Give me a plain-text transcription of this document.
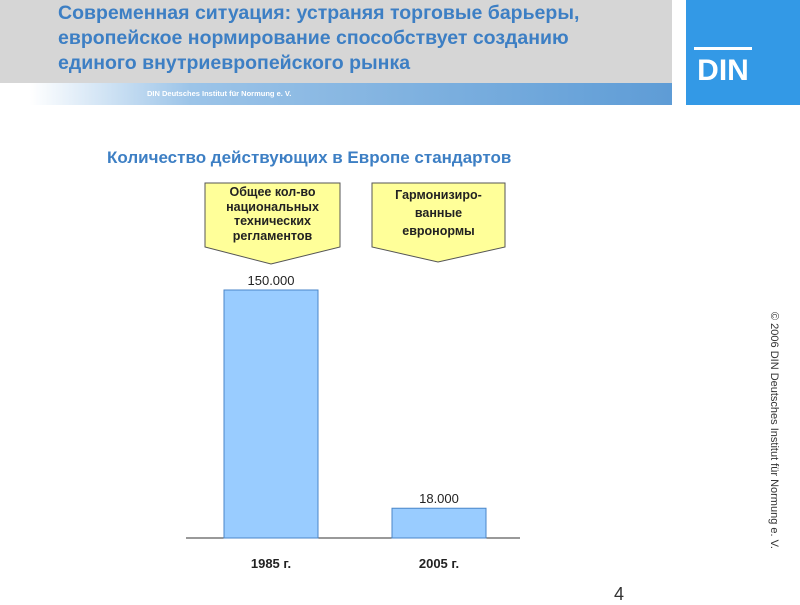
Современная ситуация: устраняя торговые барьеры,
европейское нормирование способствует созданию
единого внутриевропейского рынка
DIN Deutsches Institut für Normung e. V.
DIN
© 2006 DIN Deutsches Institut für Normung e. V.
Количество действующих в Европе стандартов
150.000
1985 г.
18.000
2005 г.
Общее кол-во
национальных
технических
регламентов
Гармонизиро-
ванные
евронормы
4
